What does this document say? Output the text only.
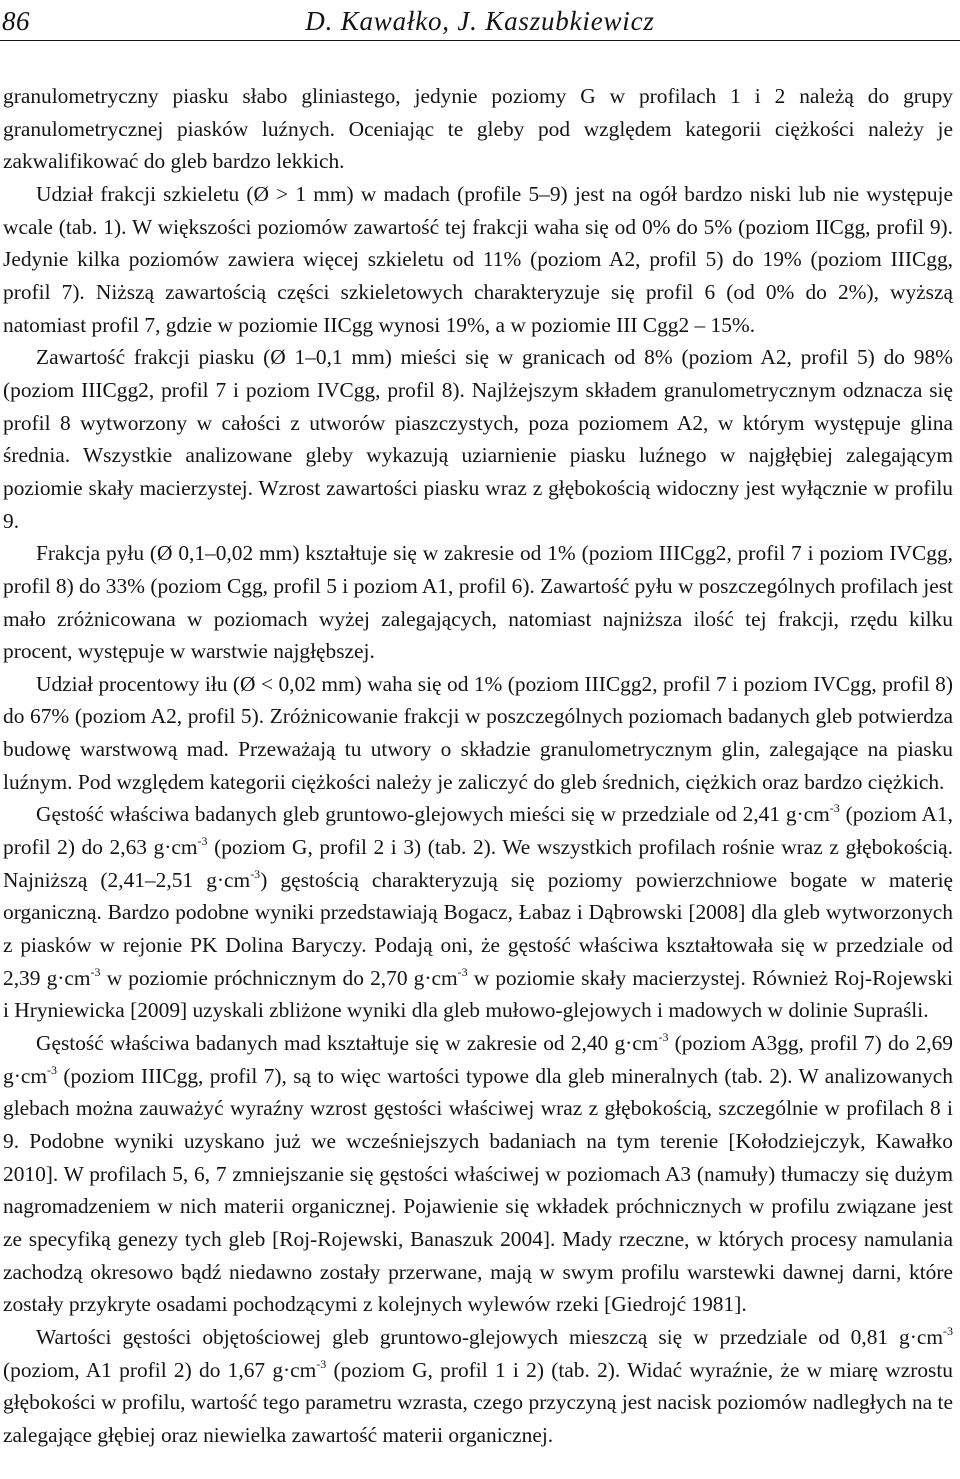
86	D. Kawałko, J. Kaszubkiewicz

granulometryczny piasku słabo gliniastego, jedynie poziomy G w profilach 1 i 2 należą do grupy granulometrycznej piasków luźnych. Oceniając te gleby pod względem kategorii ciężkości należy je zakwalifikować do gleb bardzo lekkich.

Udział frakcji szkieletu (Ø > 1 mm) w madach (profile 5–9) jest na ogół bardzo niski lub nie występuje wcale (tab. 1). W większości poziomów zawartość tej frakcji waha się od 0% do 5% (poziom IICgg, profil 9). Jedynie kilka poziomów zawiera więcej szkieletu od 11% (poziom A2, profil 5) do 19% (poziom IIICgg, profil 7). Niższą zawartością części szkieletowych charakteryzuje się profil 6 (od 0% do 2%), wyższą natomiast profil 7, gdzie w poziomie IICgg wynosi 19%, a w poziomie III Cgg2 – 15%.

Zawartość frakcji piasku (Ø 1–0,1 mm) mieści się w granicach od 8% (poziom A2, profil 5) do 98% (poziom IIICgg2, profil 7 i poziom IVCgg, profil 8). Najlżejszym składem granulometrycznym odznacza się profil 8 wytworzony w całości z utworów piaszczystych, poza poziomem A2, w którym występuje glina średnia. Wszystkie analizowane gleby wykazują uziarnienie piasku luźnego w najgłębiej zalegającym poziomie skały macierzystej. Wzrost zawartości piasku wraz z głębokością widoczny jest wyłącznie w profilu 9.

Frakcja pyłu (Ø 0,1–0,02 mm) kształtuje się w zakresie od 1% (poziom IIICgg2, profil 7 i poziom IVCgg, profil 8) do 33% (poziom Cgg, profil 5 i poziom A1, profil 6). Zawartość pyłu w poszczególnych profilach jest mało zróżnicowana w poziomach wyżej zalegających, natomiast najniższa ilość tej frakcji, rzędu kilku procent, występuje w warstwie najgłębszej.

Udział procentowy iłu (Ø < 0,02 mm) waha się od 1% (poziom IIICgg2, profil 7 i poziom IVCgg, profil 8) do 67% (poziom A2, profil 5). Zróżnicowanie frakcji w poszczególnych poziomach badanych gleb potwierdza budowę warstwową mad. Przeważają tu utwory o składzie granulometrycznym glin, zalegające na piasku luźnym. Pod względem kategorii ciężkości należy je zaliczyć do gleb średnich, ciężkich oraz bardzo ciężkich.

Gęstość właściwa badanych gleb gruntowo-glejowych mieści się w przedziale od 2,41 $g\cdot cm^{-3}$ (poziom A1, profil 2) do 2,63 $g\cdot cm^{-3}$ (poziom G, profil 2 i 3) (tab. 2). We wszystkich profilach rośnie wraz z głębokością. Najniższą (2,41–2,51 $g\cdot cm^{-3}$) gęstością charakteryzują się poziomy powierzchniowe bogate w materię organiczną. Bardzo podobne wyniki przedstawiają Bogacz, Łabaz i Dąbrowski [2008] dla gleb wytworzonych z piasków w rejonie PK Dolina Baryczy. Podają oni, że gęstość właściwa kształtowała się w przedziale od 2,39 $g\cdot cm^{-3}$ w poziomie próchnicznym do 2,70 $g\cdot cm^{-3}$ w poziomie skały macierzystej. Również Roj-Rojewski i Hryniewicka [2009] uzyskali zbliżone wyniki dla gleb mułowo-glejowych i madowych w dolinie Supraśli.

Gęstość właściwa badanych mad kształtuje się w zakresie od 2,40 $g\cdot cm^{-3}$ (poziom A3gg, profil 7) do 2,69 $g\cdot cm^{-3}$ (poziom IIICgg, profil 7), są to więc wartości typowe dla gleb mineralnych (tab. 2). W analizowanych glebach można zauważyć wyraźny wzrost gęstości właściwej wraz z głębokością, szczególnie w profilach 8 i 9. Podobne wyniki uzyskano już we wcześniejszych badaniach na tym terenie [Kołodziejczyk, Kawałko 2010]. W profilach 5, 6, 7 zmniejszanie się gęstości właściwej w poziomach A3 (namuły) tłumaczy się dużym nagromadzeniem w nich materii organicznej. Pojawienie się wkładek próchnicznych w profilu związane jest ze specyfiką genezy tych gleb [Roj-Rojewski, Banaszuk 2004]. Mady rzeczne, w których procesy namulania zachodzą okresowo bądź niedawno zostały przerwane, mają w swym profilu warstewki dawnej darni, które zostały przykryte osadami pochodzącymi z kolejnych wylewów rzeki [Giedrojć 1981].

Wartości gęstości objętościowej gleb gruntowo-glejowych mieszczą się w przedziale od 0,81 $g\cdot cm^{-3}$ (poziom, A1 profil 2) do 1,67 $g\cdot cm^{-3}$ (poziom G, profil 1 i 2) (tab. 2). Widać wyraźnie, że w miarę wzrostu głębokości w profilu, wartość tego parametru wzrasta, czego przyczyną jest nacisk poziomów nadległych na te zalegające głębiej oraz niewielka zawartość materii organicznej.
